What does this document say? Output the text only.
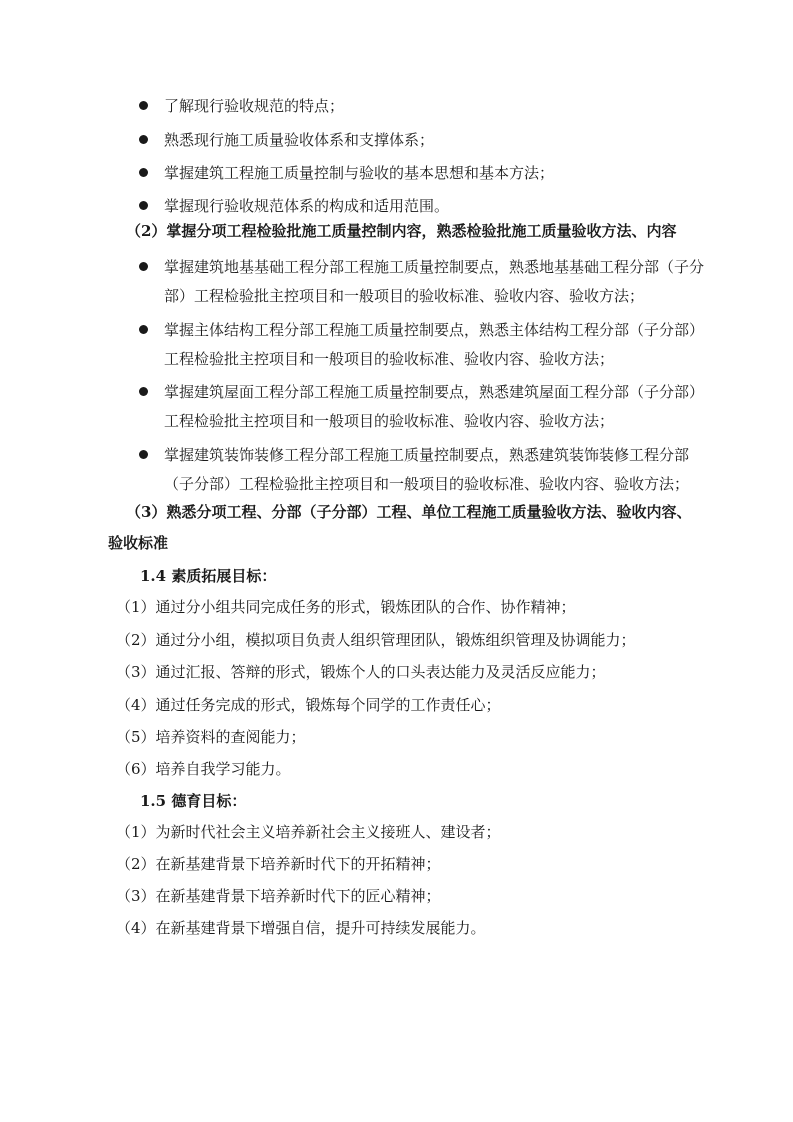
了解现行验收规范的特点；
熟悉现行施工质量验收体系和支撑体系；
掌握建筑工程施工质量控制与验收的基本思想和基本方法；
掌握现行验收规范体系的构成和适用范围。
（2）掌握分项工程检验批施工质量控制内容，熟悉检验批施工质量验收方法、内容
掌握建筑地基基础工程分部工程施工质量控制要点，熟悉地基基础工程分部（子分
部）工程检验批主控项目和一般项目的验收标准、验收内容、验收方法；
掌握主体结构工程分部工程施工质量控制要点，熟悉主体结构工程分部（子分部）
工程检验批主控项目和一般项目的验收标准、验收内容、验收方法；
掌握建筑屋面工程分部工程施工质量控制要点，熟悉建筑屋面工程分部（子分部）
工程检验批主控项目和一般项目的验收标准、验收内容、验收方法；
掌握建筑装饰装修工程分部工程施工质量控制要点，熟悉建筑装饰装修工程分部
（子分部）工程检验批主控项目和一般项目的验收标准、验收内容、验收方法；
（3）熟悉分项工程、分部（子分部）工程、单位工程施工质量验收方法、验收内容、
验收标准
1.4 素质拓展目标：
（1）通过分小组共同完成任务的形式，锻炼团队的合作、协作精神；
（2）通过分小组，模拟项目负责人组织管理团队，锻炼组织管理及协调能力；
（3）通过汇报、答辩的形式，锻炼个人的口头表达能力及灵活反应能力；
（4）通过任务完成的形式，锻炼每个同学的工作责任心；
（5）培养资料的查阅能力；
（6）培养自我学习能力。
1.5 德育目标：
（1）为新时代社会主义培养新社会主义接班人、建设者；
（2）在新基建背景下培养新时代下的开拓精神；
（3）在新基建背景下培养新时代下的匠心精神；
（4）在新基建背景下增强自信，提升可持续发展能力。
